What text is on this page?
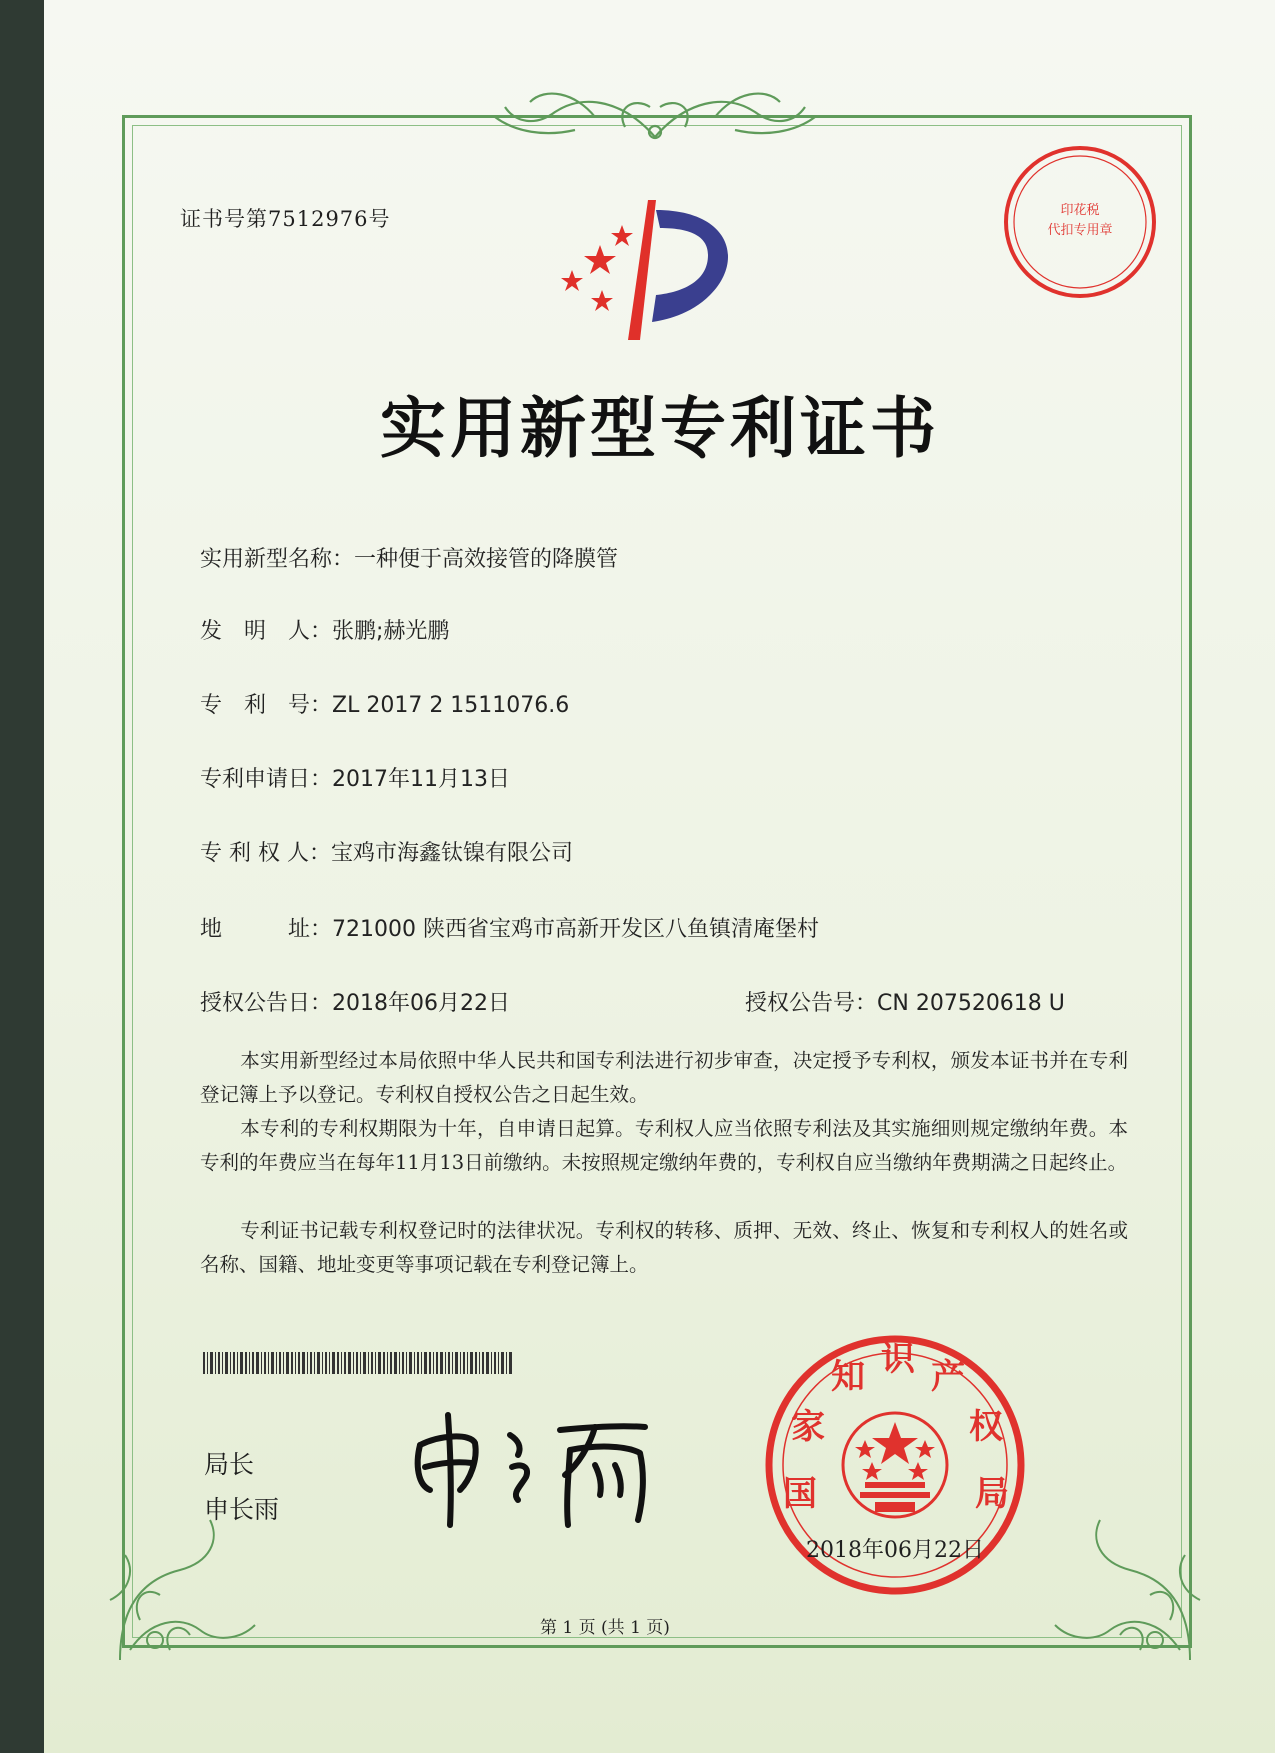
证书号第7512976号	印花税
代扣专用章
实用新型专利证书
实用新型名称：一种便于高效接管的降膜管
发　明　人：张鹏;赫光鹏
专　利　号：ZL 2017 2 1511076.6
专利申请日：2017年11月13日
专 利 权 人：宝鸡市海鑫钛镍有限公司
地　　　址：721000 陕西省宝鸡市高新开发区八鱼镇清庵堡村
授权公告日：2018年06月22日	授权公告号：CN 207520618 U
本实用新型经过本局依照中华人民共和国专利法进行初步审查，决定授予专利权，颁发本证书并在专利登记簿上予以登记。专利权自授权公告之日起生效。
本专利的专利权期限为十年，自申请日起算。专利权人应当依照专利法及其实施细则规定缴纳年费。本专利的年费应当在每年11月13日前缴纳。未按照规定缴纳年费的，专利权自应当缴纳年费期满之日起终止。
专利证书记载专利权登记时的法律状况。专利权的转移、质押、无效、终止、恢复和专利权人的姓名或名称、国籍、地址变更等事项记载在专利登记簿上。
局长
申长雨	国
家
知 识 产
权
局
2018年06月22日
第 1 页 (共 1 页)
